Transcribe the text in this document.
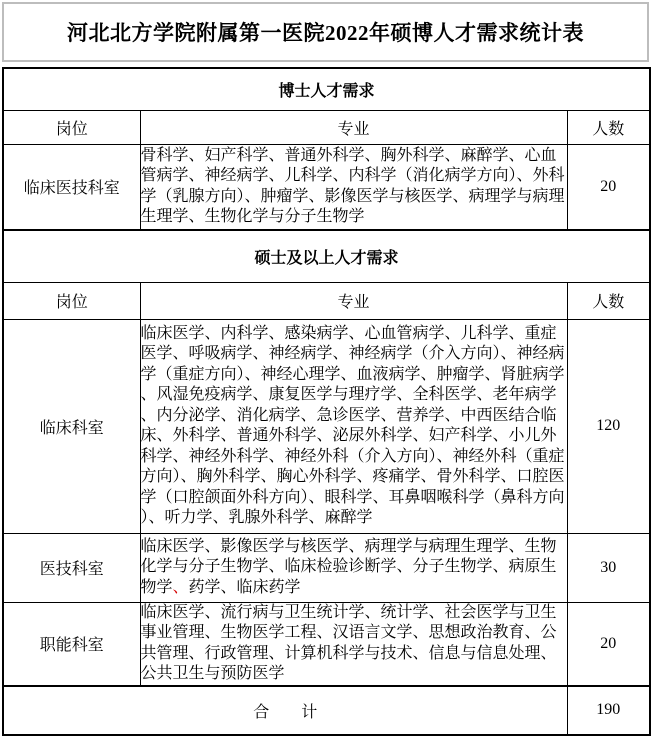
河北北方学院附属第一医院2022年硕博人才需求统计表
博士人才需求		
岗位	专业	人数
临床医技科室	骨科学、妇产科学、普通外科学、胸外科学、麻醉学、心血管病学、神经病学、儿科学、内科学（消化病学方向）、外科学（乳腺方向）、肿瘤学、影像医学与核医学、病理学与病理生理学、生物化学与分子生物学	20
硕士及以上人才需求		
岗位	专业	人数
临床科室	临床医学、内科学、感染病学、心血管病学、儿科学、重症医学、呼吸病学、神经病学、神经病学（介入方向）、神经病学（重症方向）、神经心理学、血液病学、肿瘤学、肾脏病学、风湿免疫病学、康复医学与理疗学、全科医学、老年病学、内分泌学、消化病学、急诊医学、营养学、中西医结合临床、外科学、普通外科学、泌尿外科学、妇产科学、小儿外科学、神经外科学、神经外科（介入方向）、神经外科（重症方向）、胸外科学、胸心外科学、疼痛学、骨外科学、口腔医学（口腔颌面外科方向）、眼科学、耳鼻咽喉科学（鼻科方向）、听力学、乳腺外科学、麻醉学	120
医技科室	临床医学、影像医学与核医学、病理学与病理生理学、生物化学与分子生物学、临床检验诊断学、分子生物学、病原生物学、药学、临床药学	30
职能科室	临床医学、流行病与卫生统计学、统计学、社会医学与卫生事业管理、生物医学工程、汉语言文学、思想政治教育、公共管理、行政管理、计算机科学与技术、信息与信息处理、公共卫生与预防医学	20
合　　计		190
